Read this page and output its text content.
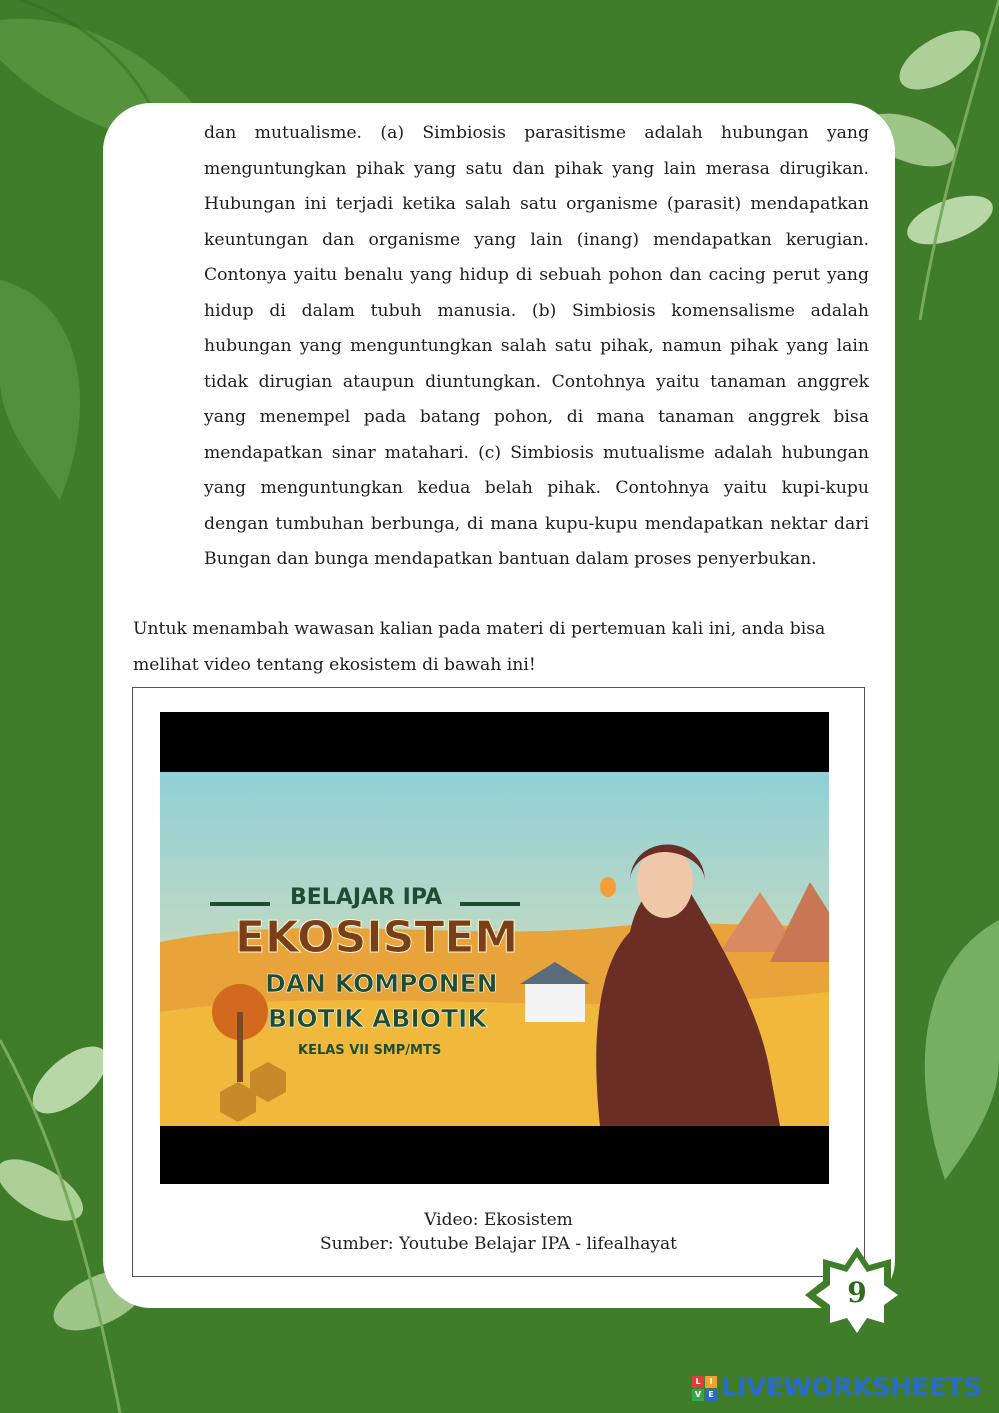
dan mutualisme. (a) Simbiosis parasitisme adalah hubungan yang menguntungkan pihak yang satu dan pihak yang lain merasa dirugikan. Hubungan ini terjadi ketika salah satu organisme (parasit) mendapatkan keuntungan dan organisme yang lain (inang) mendapatkan kerugian. Contonya yaitu benalu yang hidup di sebuah pohon dan cacing perut yang hidup di dalam tubuh manusia. (b) Simbiosis komensalisme adalah hubungan yang menguntungkan salah satu pihak, namun pihak yang lain tidak dirugian ataupun diuntungkan. Contohnya yaitu tanaman anggrek yang menempel pada batang pohon, di mana tanaman anggrek bisa mendapatkan sinar matahari. (c) Simbiosis mutualisme adalah hubungan yang menguntungkan kedua belah pihak. Contohnya yaitu kupi-kupu dengan tumbuhan berbunga, di mana kupu-kupu mendapatkan nektar dari Bungan dan bunga mendapatkan bantuan dalam proses penyerbukan.
Untuk menambah wawasan kalian pada materi di pertemuan kali ini, anda bisa melihat video tentang ekosistem di bawah ini!
BELAJAR IPA
EKOSISTEM
DAN KOMPONEN
BIOTIK ABIOTIK
KELAS VII SMP/MTS
Video: Ekosistem
Sumber: Youtube Belajar IPA - lifealhayat
9
L	I
V E LIVEWORKSHEETS
